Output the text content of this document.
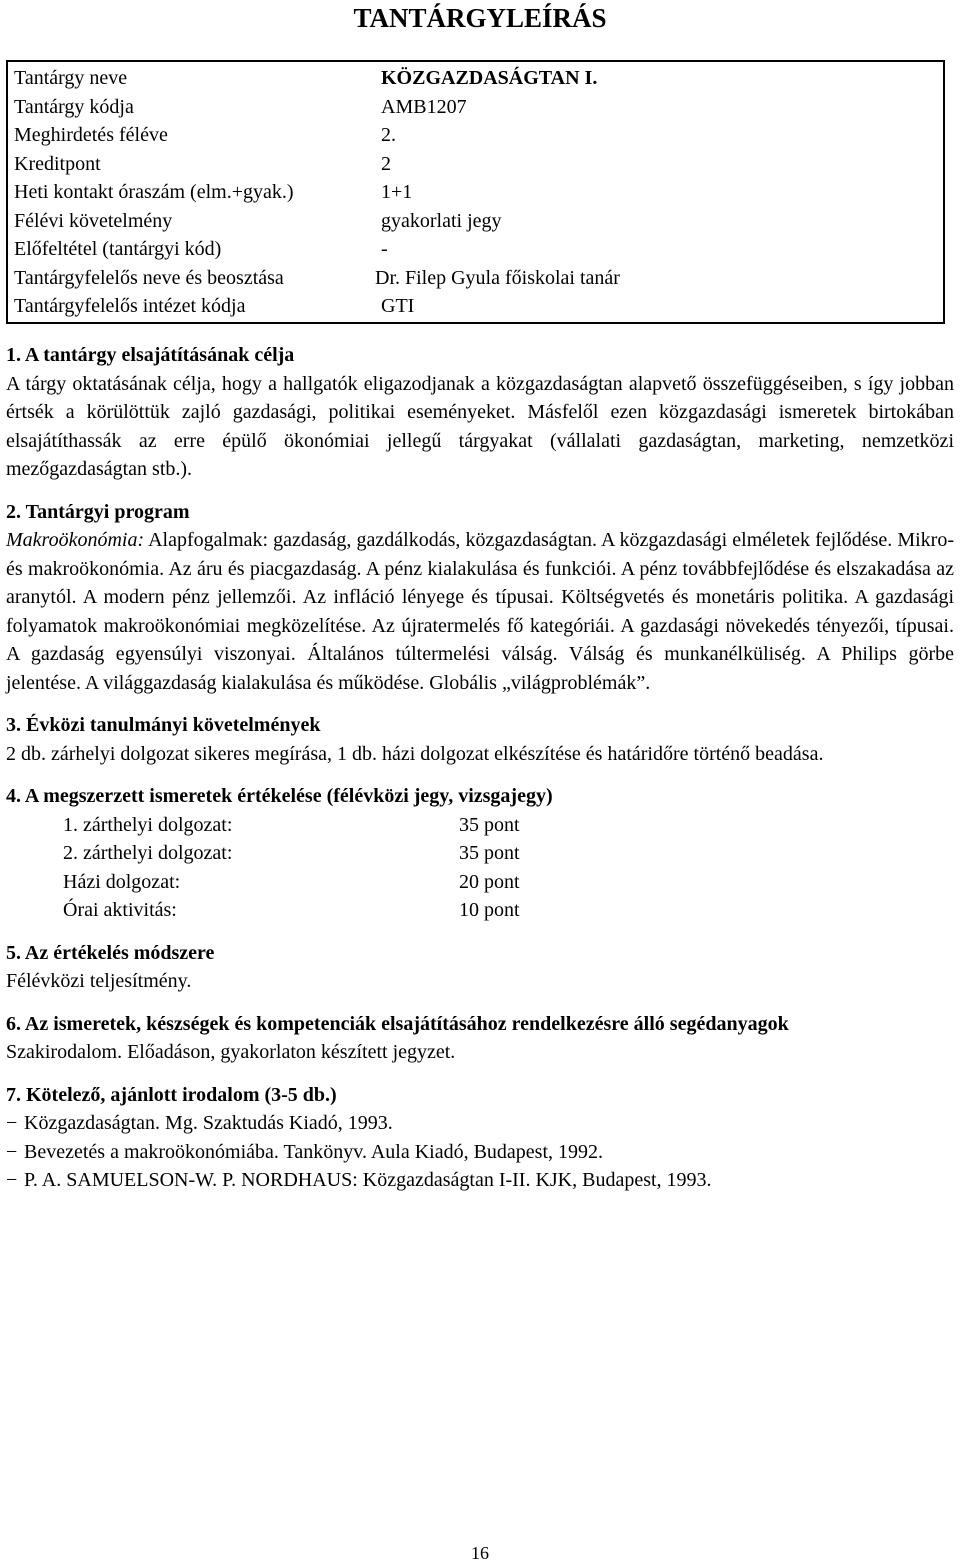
TANTÁRGYLEÍRÁS
Tantárgy neve	KÖZGAZDASÁGTAN I.
Tantárgy kódja	AMB1207
Meghirdetés féléve	2.
Kreditpont	2
Heti kontakt óraszám (elm.+gyak.)	1+1
Félévi követelmény	gyakorlati jegy
Előfeltétel (tantárgyi kód)	-
Tantárgyfelelős neve és beosztása	Dr. Filep Gyula főiskolai tanár
Tantárgyfelelős intézet kódja	GTI
1. A tantárgy elsajátításának célja

A tárgy oktatásának célja, hogy a hallgatók eligazodjanak a közgazdaságtan alapvető összefüggéseiben, s így jobban értsék a körülöttük zajló gazdasági, politikai eseményeket. Másfelől ezen közgazdasági ismeretek birtokában elsajátíthassák az erre épülő ökonómiai jellegű tárgyakat (vállalati gazdaságtan, marketing, nemzetközi mezőgazdaságtan stb.).

2. Tantárgyi program

Makroökonómia: Alapfogalmak: gazdaság, gazdálkodás, közgazdaságtan. A közgazdasági elméletek fejlődése. Mikro- és makroökonómia. Az áru és piacgazdaság. A pénz kialakulása és funkciói. A pénz továbbfejlődése és elszakadása az aranytól. A modern pénz jellemzői. Az infláció lényege és típusai. Költségvetés és monetáris politika. A gazdasági folyamatok makroökonómiai megközelítése. Az újratermelés fő kategóriái. A gazdasági növekedés tényezői, típusai. A gazdaság egyensúlyi viszonyai. Általános túltermelési válság. Válság és munkanélküliség. A Philips görbe jelentése. A világgazdaság kialakulása és működése. Globális „világproblémák”.

3. Évközi tanulmányi követelmények

2 db. zárhelyi dolgozat sikeres megírása, 1 db. házi dolgozat elkészítése és határidőre történő beadása.

4. A megszerzett ismeretek értékelése (félévközi jegy, vizsgajegy)
1. zárthelyi dolgozat:	35 pont
2. zárthelyi dolgozat:	35 pont
Házi dolgozat:	20 pont
Órai aktivitás:	10 pont
5. Az értékelés módszere

Félévközi teljesítmény.

6. Az ismeretek, készségek és kompetenciák elsajátításához rendelkezésre álló segédanyagok

Szakirodalom. Előadáson, gyakorlaton készített jegyzet.

7. Kötelező, ajánlott irodalom (3-5 db.)
− Közgazdaságtan. Mg. Szaktudás Kiadó, 1993.
− Bevezetés a makroökonómiába. Tankönyv. Aula Kiadó, Budapest, 1992.
− P. A. SAMUELSON-W. P. NORDHAUS: Közgazdaságtan I-II. KJK, Budapest, 1993.
16
